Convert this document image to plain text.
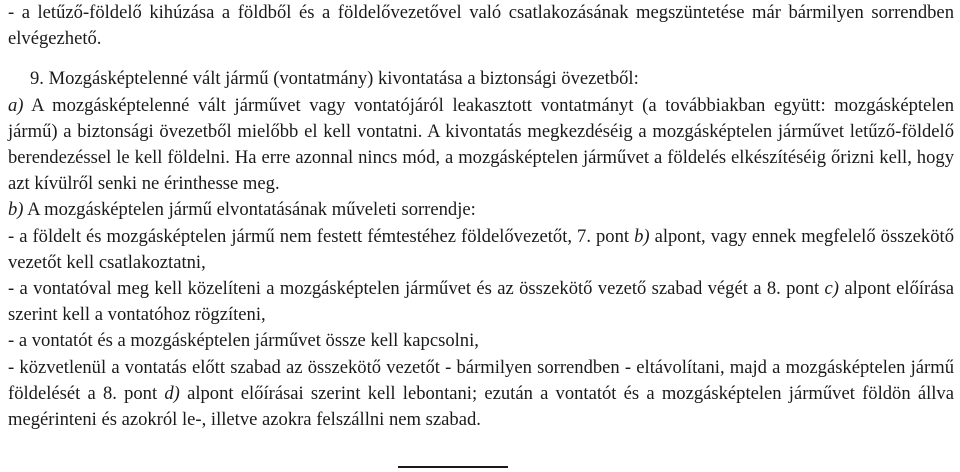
- a letűző-földelő kihúzása a földből és a földelővezetővel való csatlakozásának megszüntetése már bármilyen sorrendben elvégezhető.

9. Mozgásképtelenné vált jármű (vontatmány) kivontatása a biztonsági övezetből:

a) A mozgásképtelenné vált járművet vagy vontatójáról leakasztott vontatmányt (a továbbiakban együtt: mozgásképtelen jármű) a biztonsági övezetből mielőbb el kell vontatni. A kivontatás megkezdéséig a mozgásképtelen járművet letűző-földelő berendezéssel le kell földelni. Ha erre azonnal nincs mód, a mozgásképtelen járművet a földelés elkészítéséig őrizni kell, hogy azt kívülről senki ne érinthesse meg.

b) A mozgásképtelen jármű elvontatásának műveleti sorrendje:

- a földelt és mozgásképtelen jármű nem festett fémtestéhez földelővezetőt, 7. pont b) alpont, vagy ennek megfelelő összekötő vezetőt kell csatlakoztatni,

- a vontatóval meg kell közelíteni a mozgásképtelen járművet és az összekötő vezető szabad végét a 8. pont c) alpont előírása szerint kell a vontatóhoz rögzíteni,

- a vontatót és a mozgásképtelen járművet össze kell kapcsolni,

- közvetlenül a vontatás előtt szabad az összekötő vezetőt - bármilyen sorrendben - eltávolítani, majd a mozgásképtelen jármű földelését a 8. pont d) alpont előírásai szerint kell lebontani; ezután a vontatót és a mozgásképtelen járművet földön állva megérinteni és azokról le-, illetve azokra felszállni nem szabad.
